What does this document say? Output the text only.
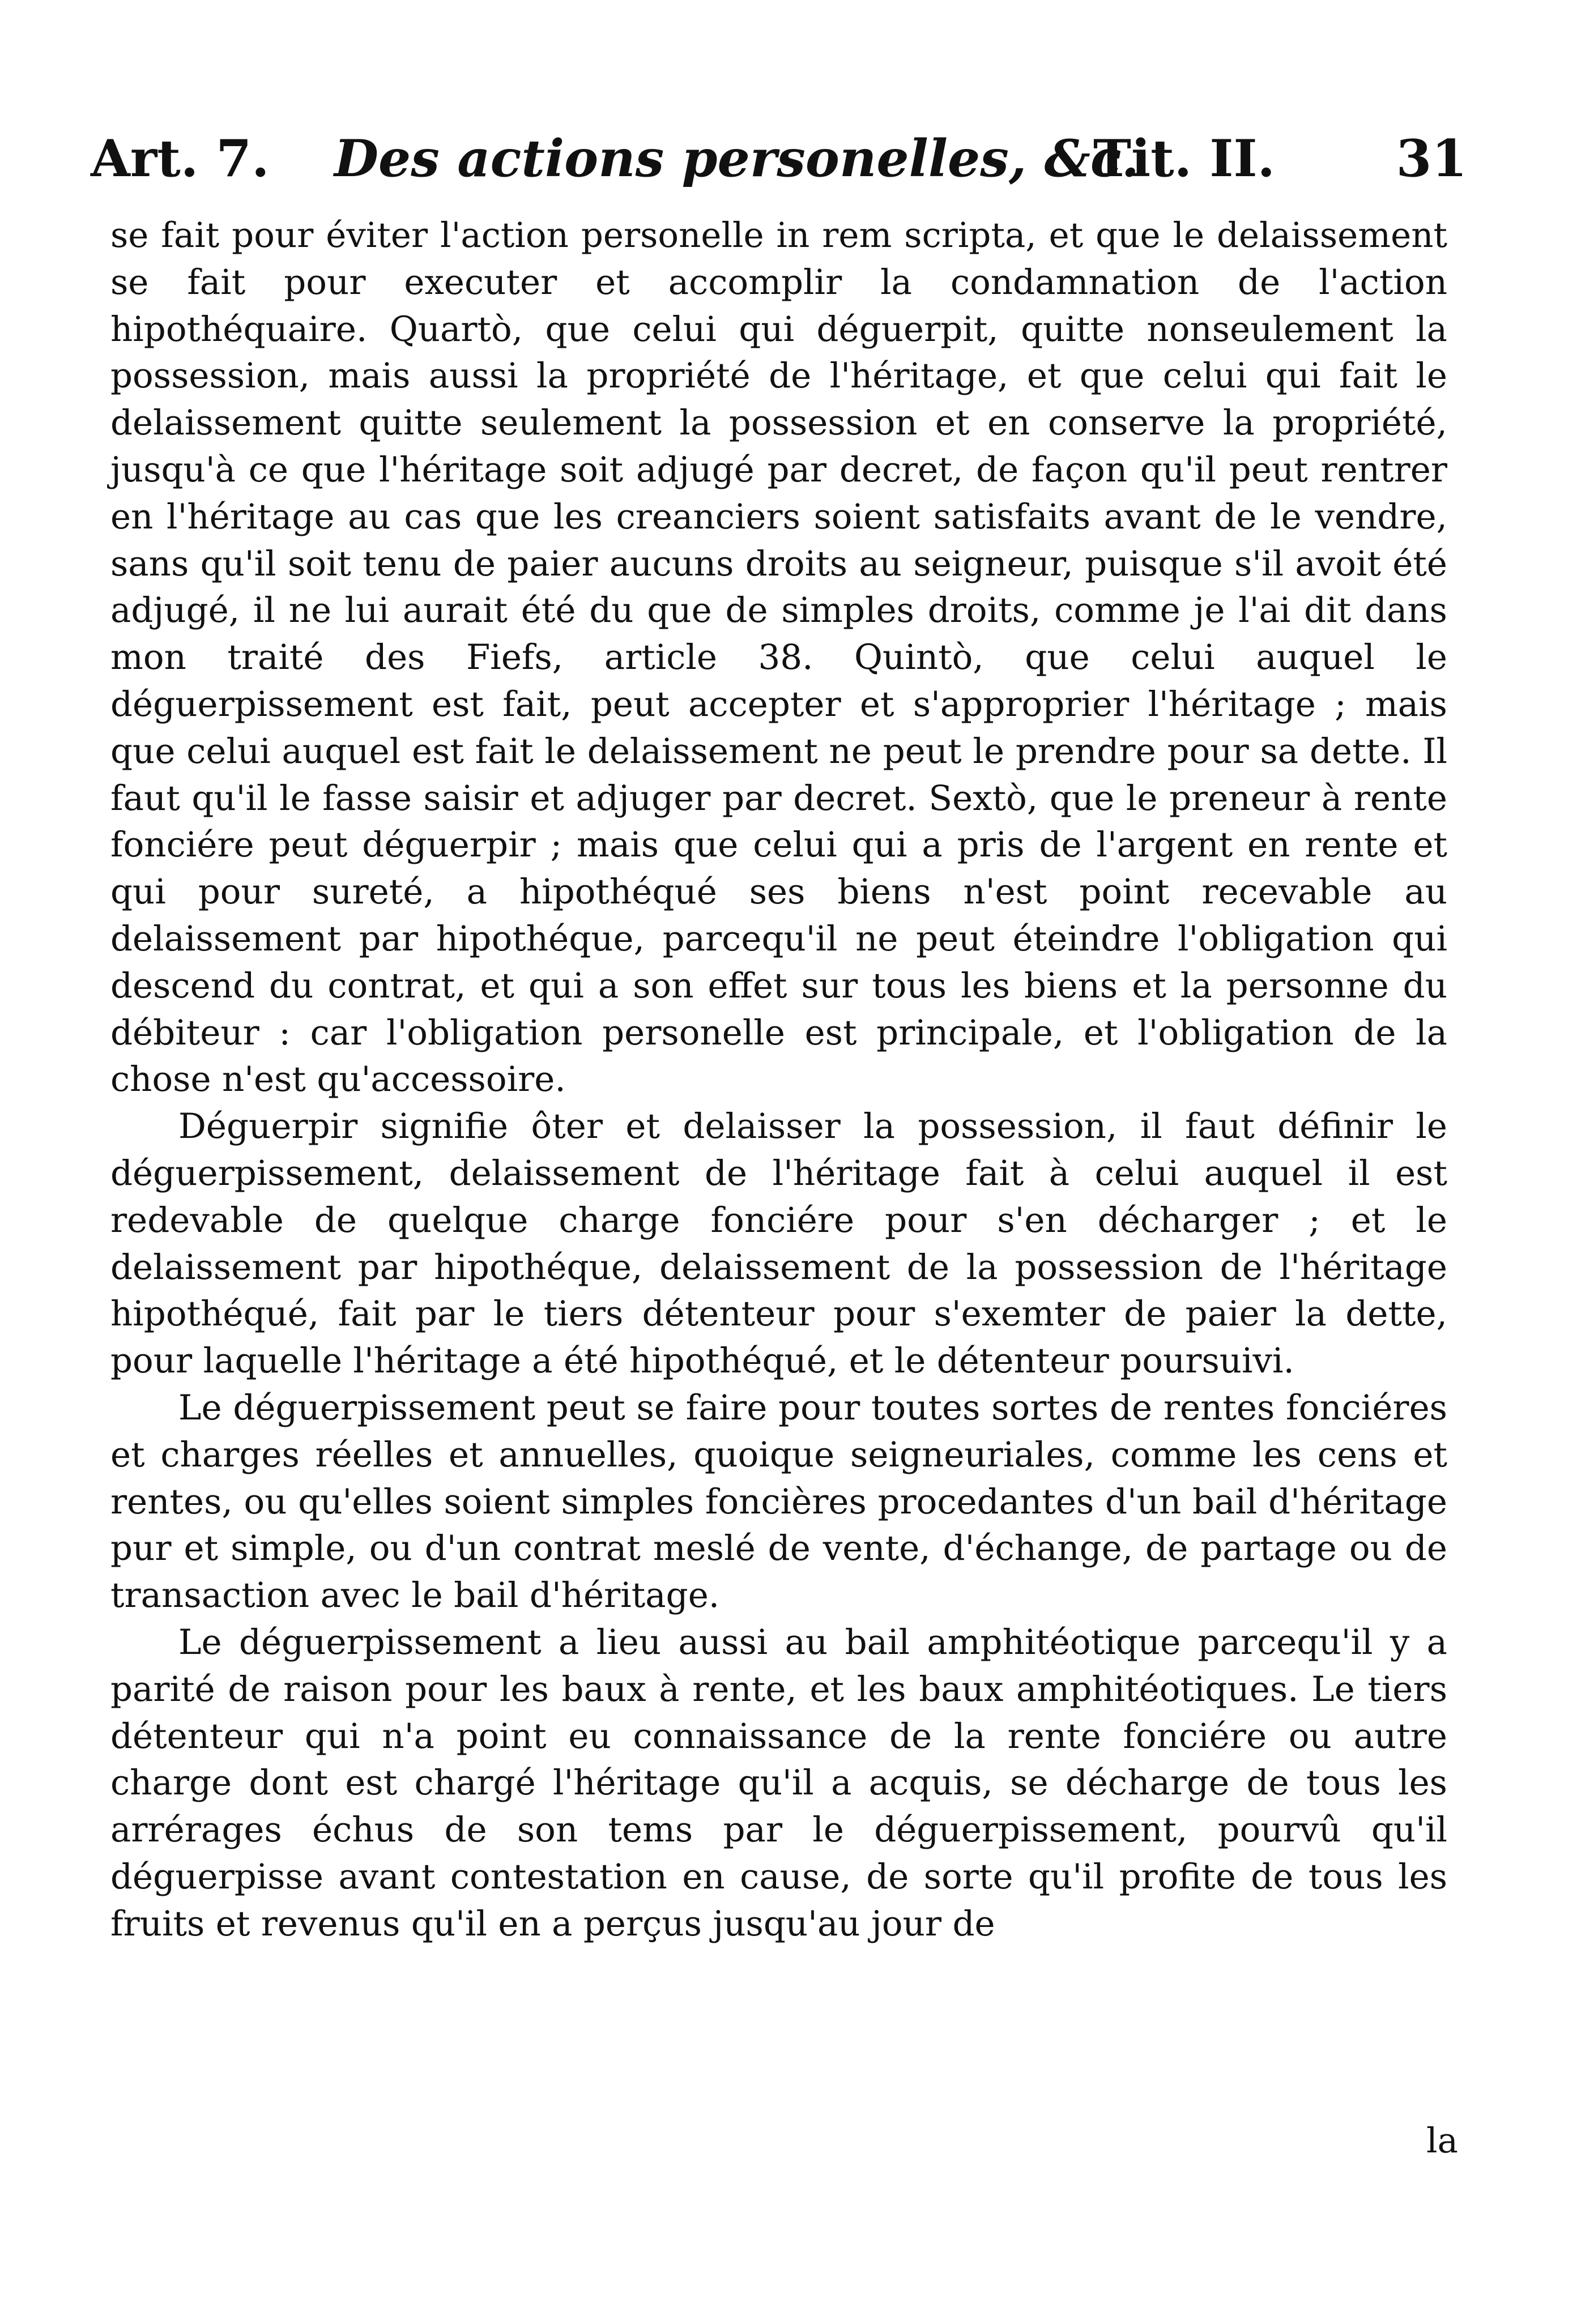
Art. 7. Des actions personelles, &c.
Tit. II. 31

se fait pour éviter l'action personelle in rem scripta, et que le delaissement se fait pour executer et accomplir la condamnation de l'action hipothéquaire. Quartò, que celui qui déguerpit, quitte nonseulement la possession, mais aussi la propriété de l'héritage, et que celui qui fait le delaissement quitte seulement la possession et en conserve la propriété, jusqu'à ce que l'héritage soit adjugé par decret, de façon qu'il peut rentrer en l'héritage au cas que les creanciers soient satisfaits avant de le vendre, sans qu'il soit tenu de paier aucuns droits au seigneur, puisque s'il avoit été adjugé, il ne lui aurait été du que de simples droits, comme je l'ai dit dans mon traité des Fiefs, article 38. Quintò, que celui auquel le déguerpissement est fait, peut accepter et s'approprier l'héritage ; mais que celui auquel est fait le delaissement ne peut le prendre pour sa dette. Il faut qu'il le fasse saisir et adjuger par decret. Sextò, que le preneur à rente fonciére peut déguerpir ; mais que celui qui a pris de l'argent en rente et qui pour sureté, a hipothéqué ses biens n'est point recevable au delaissement par hipothéque, parcequ'il ne peut éteindre l'obligation qui descend du contrat, et qui a son effet sur tous les biens et la personne du débiteur : car l'obligation personelle est principale, et l'obligation de la chose n'est qu'accessoire.

Déguerpir signifie ôter et delaisser la possession, il faut définir le déguerpissement, delaissement de l'héritage fait à celui auquel il est redevable de quelque charge fonciére pour s'en décharger ; et le delaissement par hipothéque, delaissement de la possession de l'héritage hipothéqué, fait par le tiers détenteur pour s'exemter de paier la dette, pour laquelle l'héritage a été hipothéqué, et le détenteur poursuivi.

Le déguerpissement peut se faire pour toutes sortes de rentes fonciéres et charges réelles et annuelles, quoique seigneuriales, comme les cens et rentes, ou qu'elles soient simples foncières procedantes d'un bail d'héritage pur et simple, ou d'un contrat meslé de vente, d'échange, de partage ou de transaction avec le bail d'héritage.

Le déguerpissement a lieu aussi au bail amphitéotique parcequ'il y a parité de raison pour les baux à rente, et les baux amphitéotiques. Le tiers détenteur qui n'a point eu connaissance de la rente fonciére ou autre charge dont est chargé l'héritage qu'il a acquis, se décharge de tous les arrérages échus de son tems par le déguerpissement, pourvû qu'il déguerpisse avant contestation en cause, de sorte qu'il profite de tous les fruits et revenus qu'il en a perçus jusqu'au jour de

la
